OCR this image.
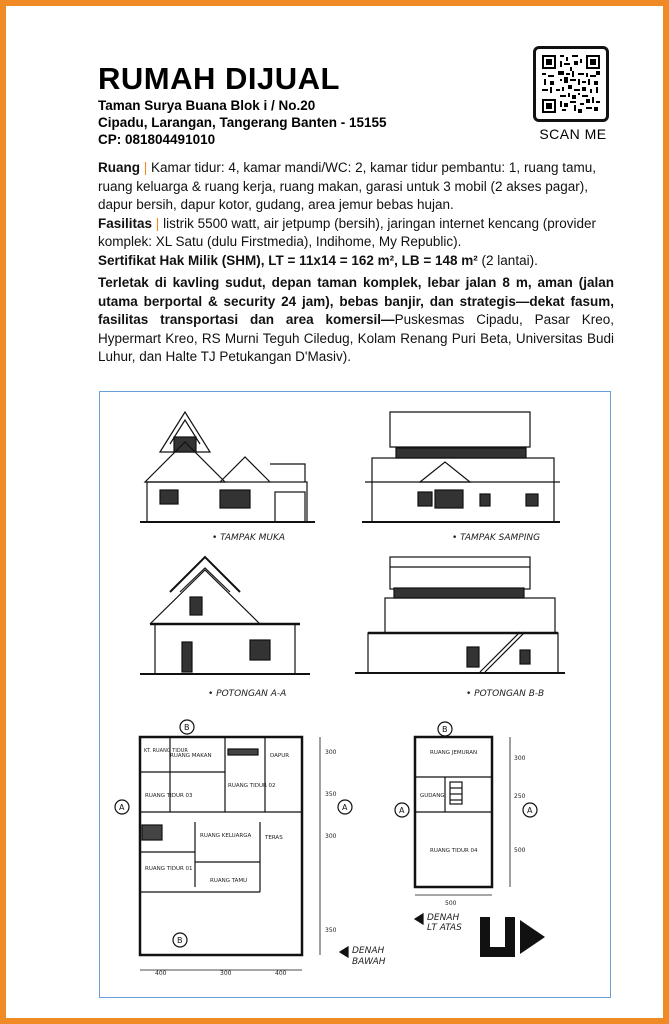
RUMAH DIJUAL
Taman Surya Buana Blok i / No.20
Cipadu, Larangan, Tangerang Banten - 15155
CP: 081804491010	SCAN ME
Ruang | Kamar tidur: 4, kamar mandi/WC: 2, kamar tidur pembantu: 1, ruang tamu, ruang keluarga & ruang kerja, ruang makan, garasi untuk 3 mobil (2 akses pagar), dapur bersih, dapur kotor, gudang, area jemur bebas hujan.
Fasilitas | listrik 5500 watt, air jetpump (bersih), jaringan internet kencang (provider komplek: XL Satu (dulu Firstmedia), Indihome, My Republic).
Sertifikat Hak Milik (SHM), LT = 11x14 = 162 m², LB = 148 m² (2 lantai).
Terletak di kavling sudut, depan taman komplek, lebar jalan 8 m, aman (jalan utama berportal & security 24 jam), bebas banjir, dan strategis—dekat fasum, fasilitas transportasi dan area komersil—Puskesmas Cipadu, Pasar Kreo, Hypermart Kreo, RS Murni Teguh Ciledug, Kolam Renang Puri Beta, Universitas Budi Luhur, dan Halte TJ Petukangan D'Masiv).
• TAMPAK MUKA	• TAMPAK SAMPING
• POTONGAN A-A	• POTONGAN B-B
RUANG MAKAN	DAPUR
RUANG TIDUR 02
RUANG TIDUR 03
RUANG KELUARGA	TERAS
RUANG TIDUR 01
RUANG TAMU
KT. RUANG TIDUR	300
350
300
350
400	300	400
B
B
A	A
RUANG JEMURAN
GUDANG
RUANG TIDUR 04
300
250
500
500
B
A	A
DENAH
LT ATAS
DENAH
BAWAH
